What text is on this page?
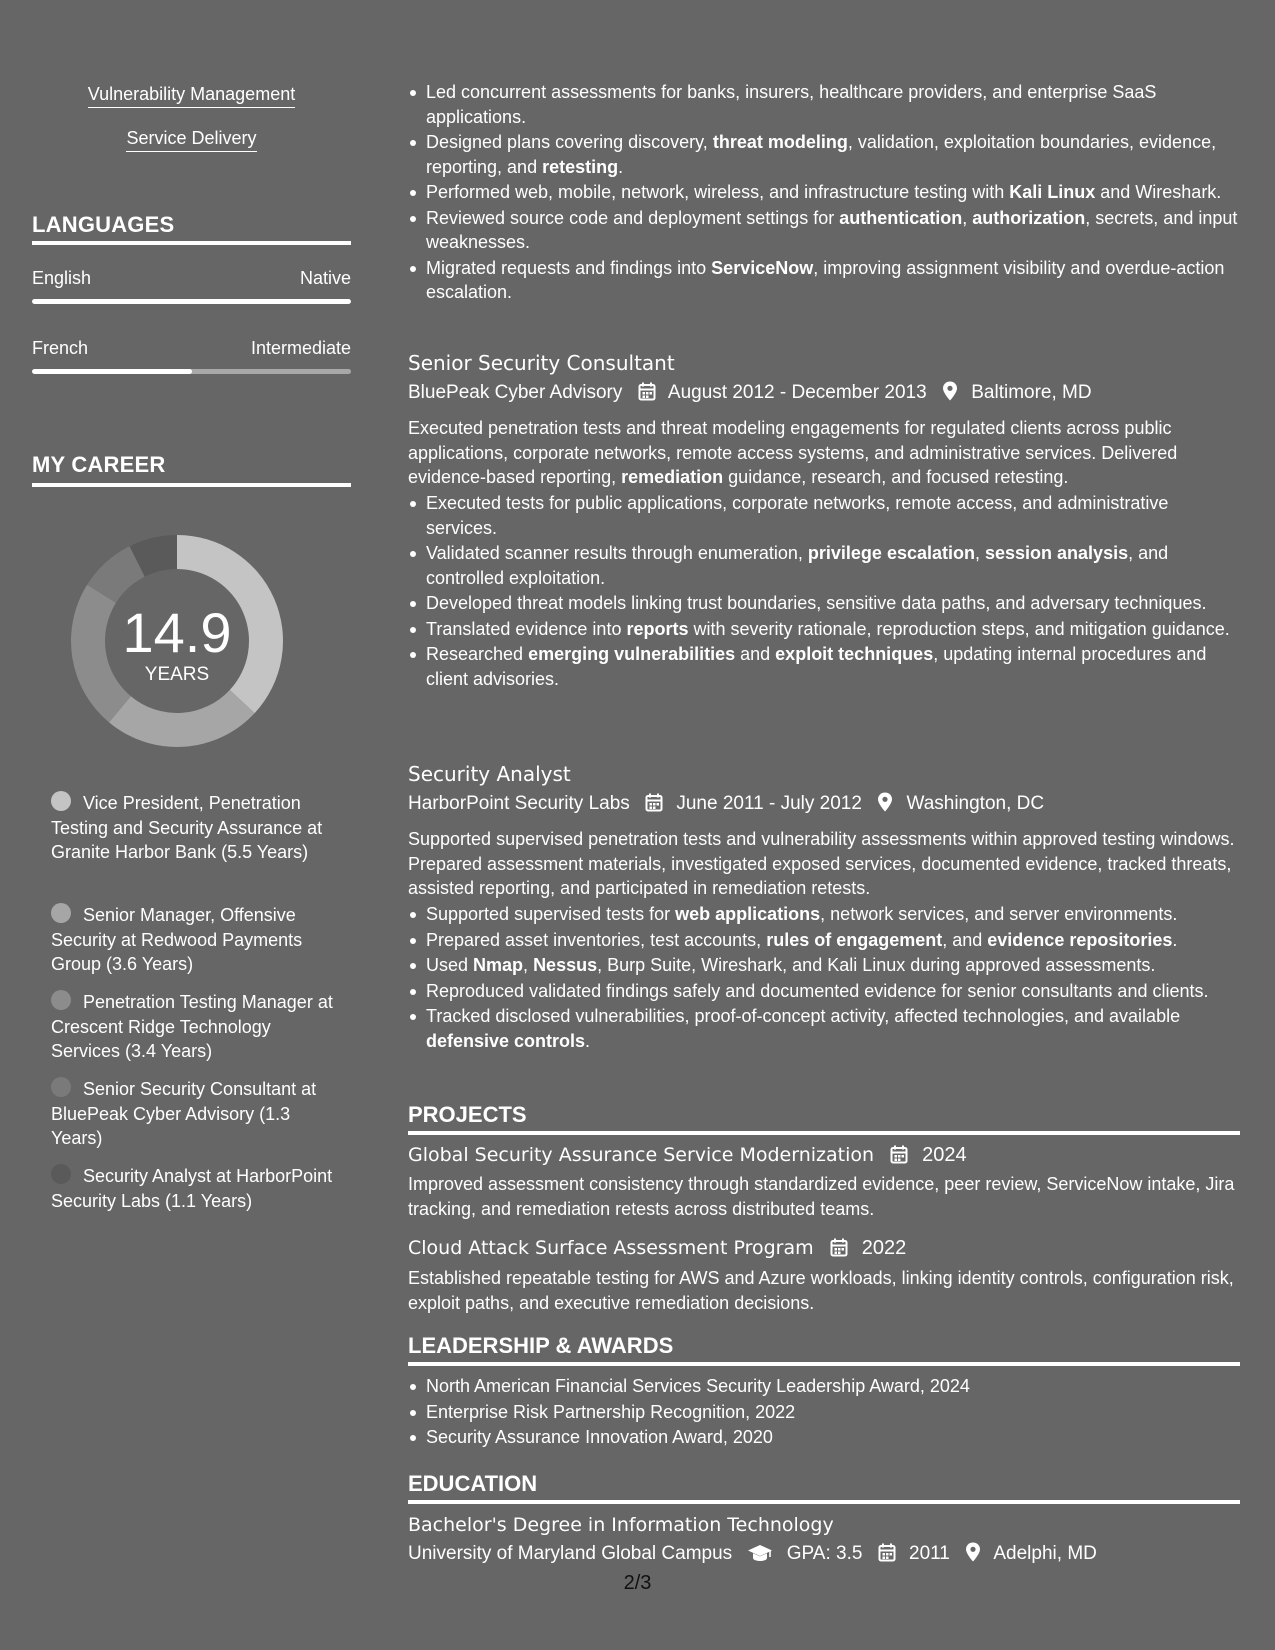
Vulnerability Management
Service Delivery
LANGUAGES
English	Native
French	Intermediate
MY CAREER
14.9
YEARS
Vice President, Penetration Testing and Security Assurance at Granite Harbor Bank (5.5 Years)
Senior Manager, Offensive Security at Redwood Payments Group (3.6 Years)
Penetration Testing Manager at Crescent Ridge Technology Services (3.4 Years)
Senior Security Consultant at BluePeak Cyber Advisory (1.3 Years)
Security Analyst at HarborPoint Security Labs (1.1 Years)
Led concurrent assessments for banks, insurers, healthcare providers, and enterprise SaaS applications.
Designed plans covering discovery, threat modeling, validation, exploitation boundaries, evidence, reporting, and retesting.
Performed web, mobile, network, wireless, and infrastructure testing with Kali Linux and Wireshark.
Reviewed source code and deployment settings for authentication, authorization, secrets, and input weaknesses.
Migrated requests and findings into ServiceNow, improving assignment visibility and overdue-action escalation.
Senior Security Consultant
BluePeak Cyber Advisory August 2012 - December 2013 Baltimore, MD
Executed penetration tests and threat modeling engagements for regulated clients across public applications, corporate networks, remote access systems, and administrative services. Delivered evidence-based reporting, remediation guidance, research, and focused retesting.
Executed tests for public applications, corporate networks, remote access, and administrative services.
Validated scanner results through enumeration, privilege escalation, session analysis, and controlled exploitation.
Developed threat models linking trust boundaries, sensitive data paths, and adversary techniques.
Translated evidence into reports with severity rationale, reproduction steps, and mitigation guidance.
Researched emerging vulnerabilities and exploit techniques, updating internal procedures and client advisories.
Security Analyst
HarborPoint Security Labs June 2011 - July 2012 Washington, DC
Supported supervised penetration tests and vulnerability assessments within approved testing windows. Prepared assessment materials, investigated exposed services, documented evidence, tracked threats, assisted reporting, and participated in remediation retests.
Supported supervised tests for web applications, network services, and server environments.
Prepared asset inventories, test accounts, rules of engagement, and evidence repositories.
Used Nmap, Nessus, Burp Suite, Wireshark, and Kali Linux during approved assessments.
Reproduced validated findings safely and documented evidence for senior consultants and clients.
Tracked disclosed vulnerabilities, proof-of-concept activity, affected technologies, and available defensive controls.
PROJECTS
Global Security Assurance Service Modernization 2024
Improved assessment consistency through standardized evidence, peer review, ServiceNow intake, Jira tracking, and remediation retests across distributed teams.
Cloud Attack Surface Assessment Program 2022
Established repeatable testing for AWS and Azure workloads, linking identity controls, configuration risk, exploit paths, and executive remediation decisions.
LEADERSHIP & AWARDS
North American Financial Services Security Leadership Award, 2024
Enterprise Risk Partnership Recognition, 2022
Security Assurance Innovation Award, 2020
EDUCATION
Bachelor's Degree in Information Technology
University of Maryland Global Campus	GPA: 3.5 2011 Adelphi, MD
2/3
